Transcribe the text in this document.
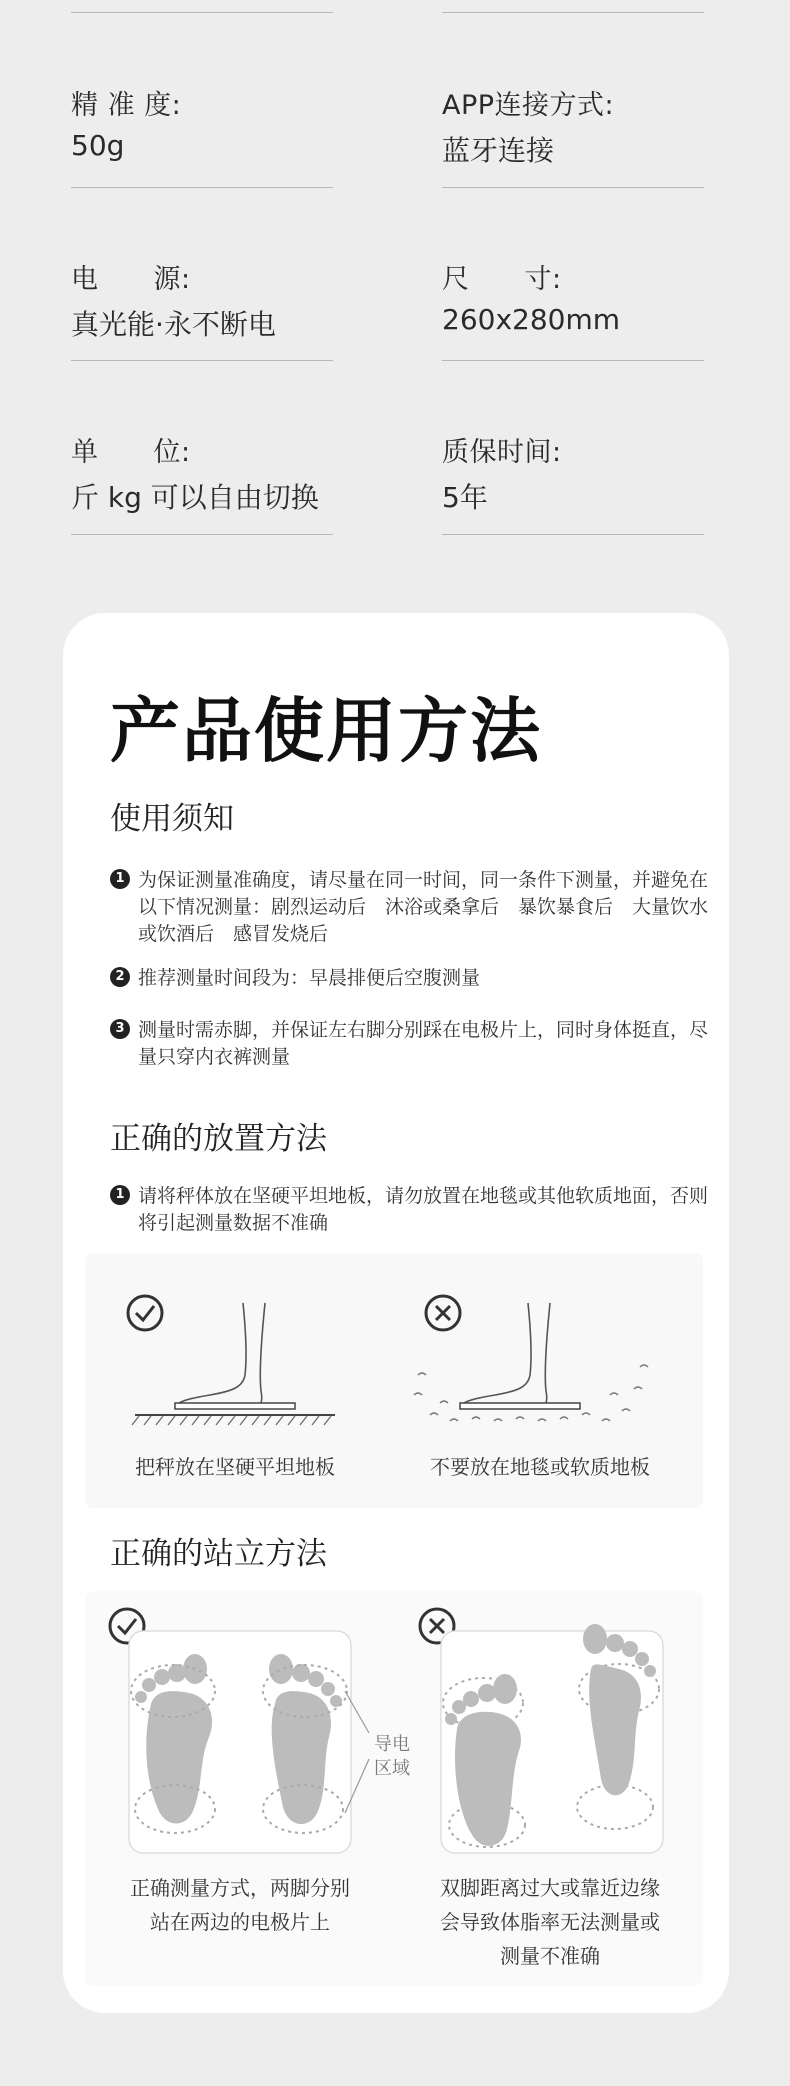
精 准 度:
50g
APP连接方式:
蓝牙连接
电　　源:
真光能·永不断电
尺　　寸:
260x280mm
单　　位:
斤 kg 可以自由切换
质保时间:
5年
产品使用方法
使用须知
1 为保证测量准确度，请尽量在同一时间，同一条件下测量，并避免在以下情况测量：剧烈运动后　沐浴或桑拿后　暴饮暴食后　大量饮水或饮酒后　感冒发烧后
2 推荐测量时间段为：早晨排便后空腹测量
3 测量时需赤脚，并保证左右脚分别踩在电极片上，同时身体挺直，尽量只穿内衣裤测量
正确的放置方法
1 请将秤体放在坚硬平坦地板，请勿放置在地毯或其他软质地面，否则将引起测量数据不准确
把秤放在坚硬平坦地板	不要放在地毯或软质地板
正确的站立方法
导电
区域
正确测量方式，两脚分别
站在两边的电极片上
双脚距离过大或靠近边缘
会导致体脂率无法测量或
测量不准确
